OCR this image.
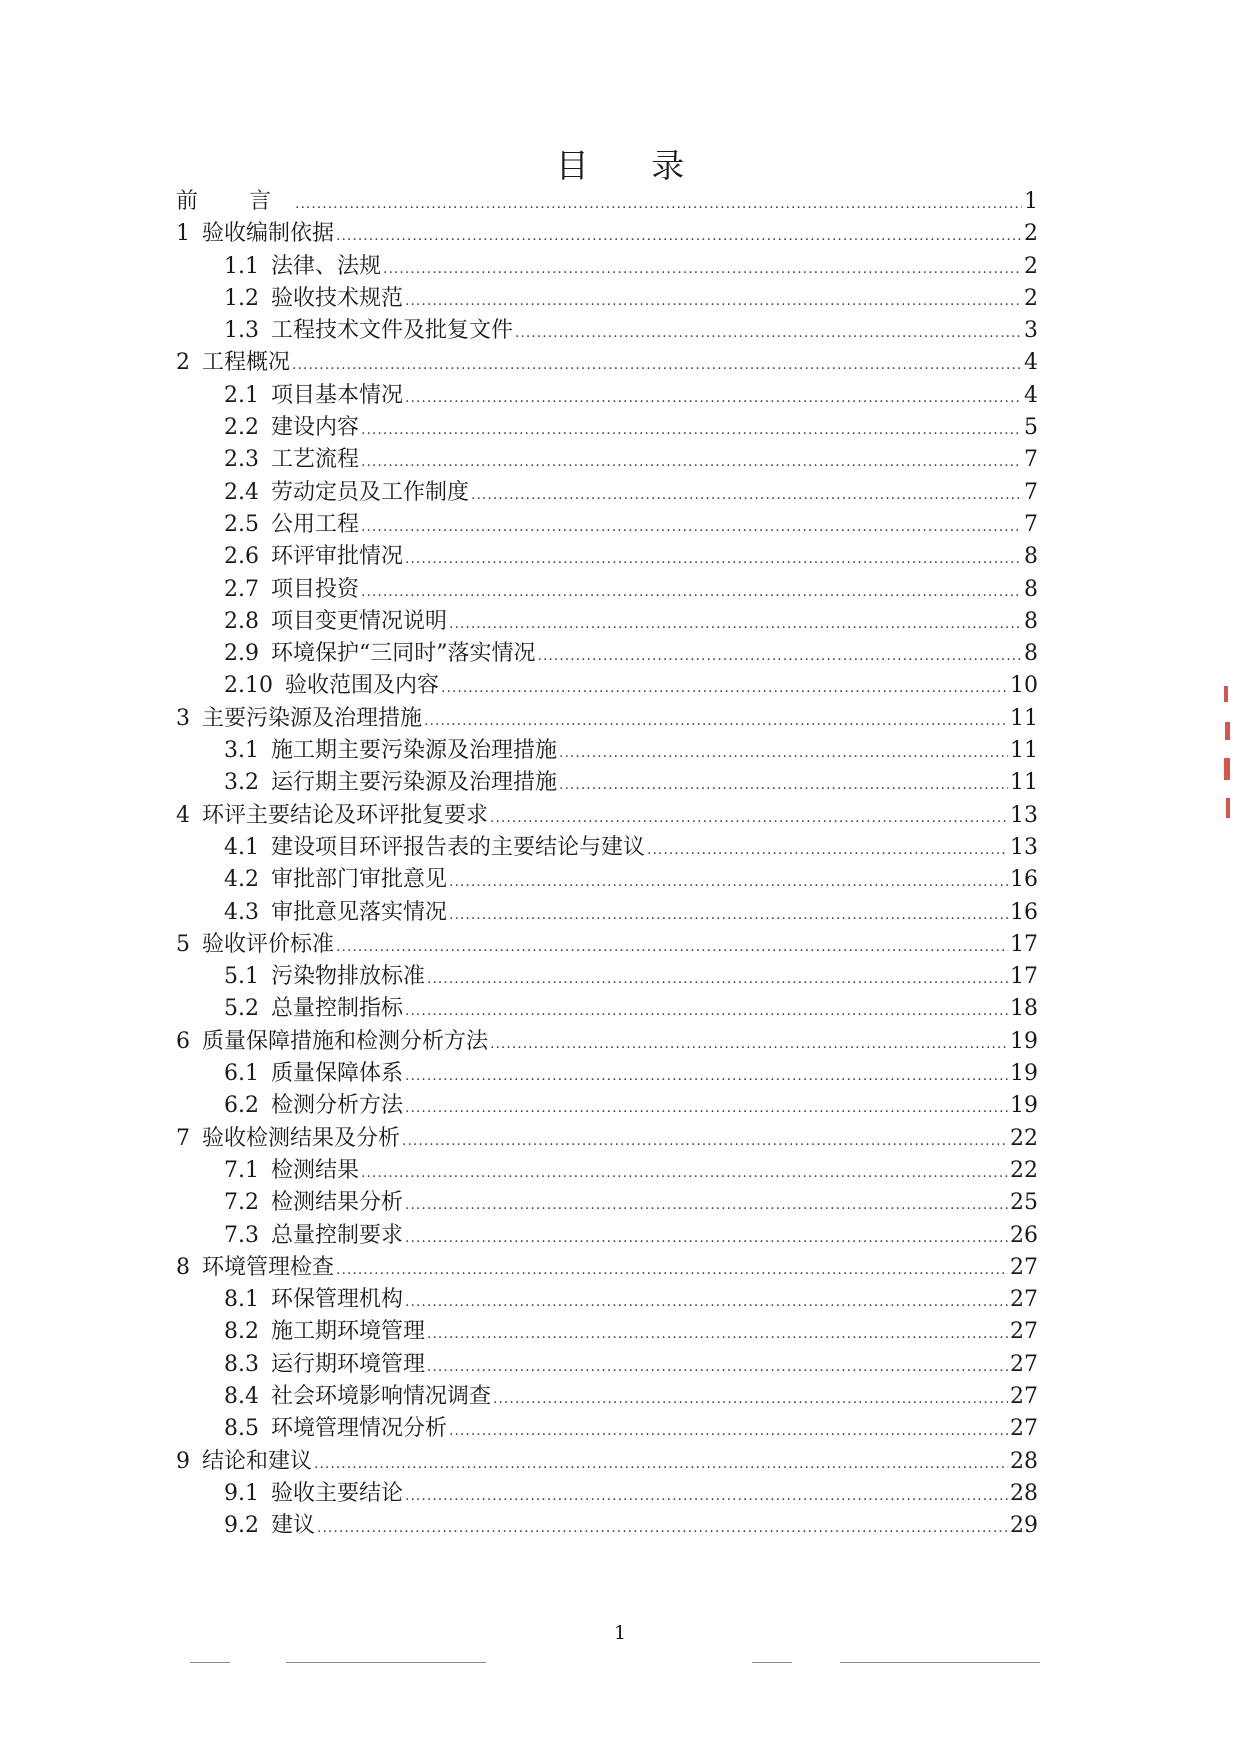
目 录
前 言 .....	1
1 验收编制依据 .....	2
1.1 法律、法规 .....	2
1.2 验收技术规范 .....	2
1.3 工程技术文件及批复文件 .....	3
2 工程概况 .....	4
2.1 项目基本情况 .....	4
2.2 建设内容 .....	5
2.3 工艺流程 .....	7
2.4 劳动定员及工作制度 .....	7
2.5 公用工程 .....	7
2.6 环评审批情况 .....	8
2.7 项目投资 .....	8
2.8 项目变更情况说明 .....	8
2.9 环境保护“三同时”落实情况 .....	8
2.10 验收范围及内容 .....	10
3 主要污染源及治理措施 .....	11
3.1 施工期主要污染源及治理措施 .....	11
3.2 运行期主要污染源及治理措施 .....	11
4 环评主要结论及环评批复要求 .....	13
4.1 建设项目环评报告表的主要结论与建议 .....	13
4.2 审批部门审批意见 .....	16
4.3 审批意见落实情况 .....	16
5 验收评价标准 .....	17
5.1 污染物排放标准 .....	17
5.2 总量控制指标 .....	18
6 质量保障措施和检测分析方法 .....	19
6.1 质量保障体系 .....	19
6.2 检测分析方法 .....	19
7 验收检测结果及分析 .....	22
7.1 检测结果 .....	22
7.2 检测结果分析 .....	25
7.3 总量控制要求 .....	26
8 环境管理检查 .....	27
8.1 环保管理机构 .....	27
8.2 施工期环境管理 .....	27
8.3 运行期环境管理 .....	27
8.4 社会环境影响情况调查 .....	27
8.5 环境管理情况分析 .....	27
9 结论和建议 .....	28
9.1 验收主要结论 .....	28
9.2 建议 .....	29
1
